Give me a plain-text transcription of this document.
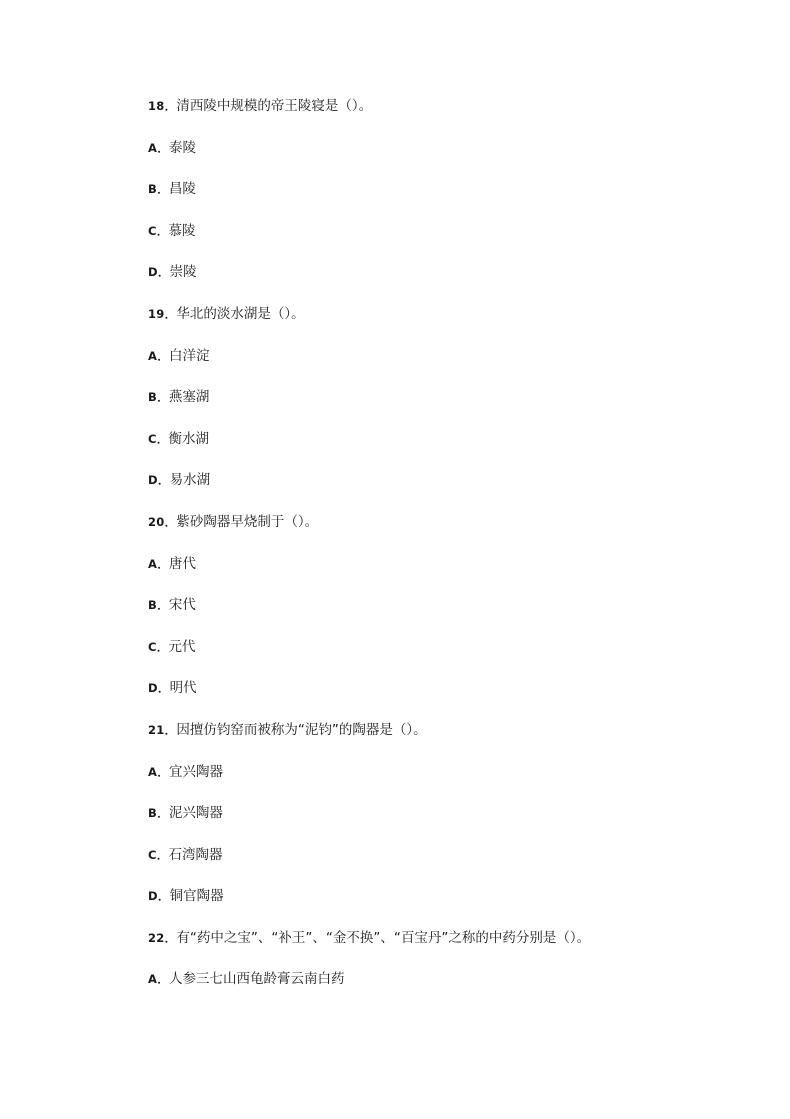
18．清西陵中规模的帝王陵寝是（）。
A．泰陵
B．昌陵
C．慕陵
D．崇陵
19．华北的淡水湖是（）。
A．白洋淀
B．燕塞湖
C．衡水湖
D．易水湖
20．紫砂陶器早烧制于（）。
A．唐代
B．宋代
C．元代
D．明代
21．因擅仿钧窑而被称为“泥钧”的陶器是（）。
A．宜兴陶器
B．泥兴陶器
C．石湾陶器
D．铜官陶器
22．有“药中之宝”、“补王”、“金不换”、“百宝丹”之称的中药分别是（）。
A．人参三七山西龟龄膏云南白药
